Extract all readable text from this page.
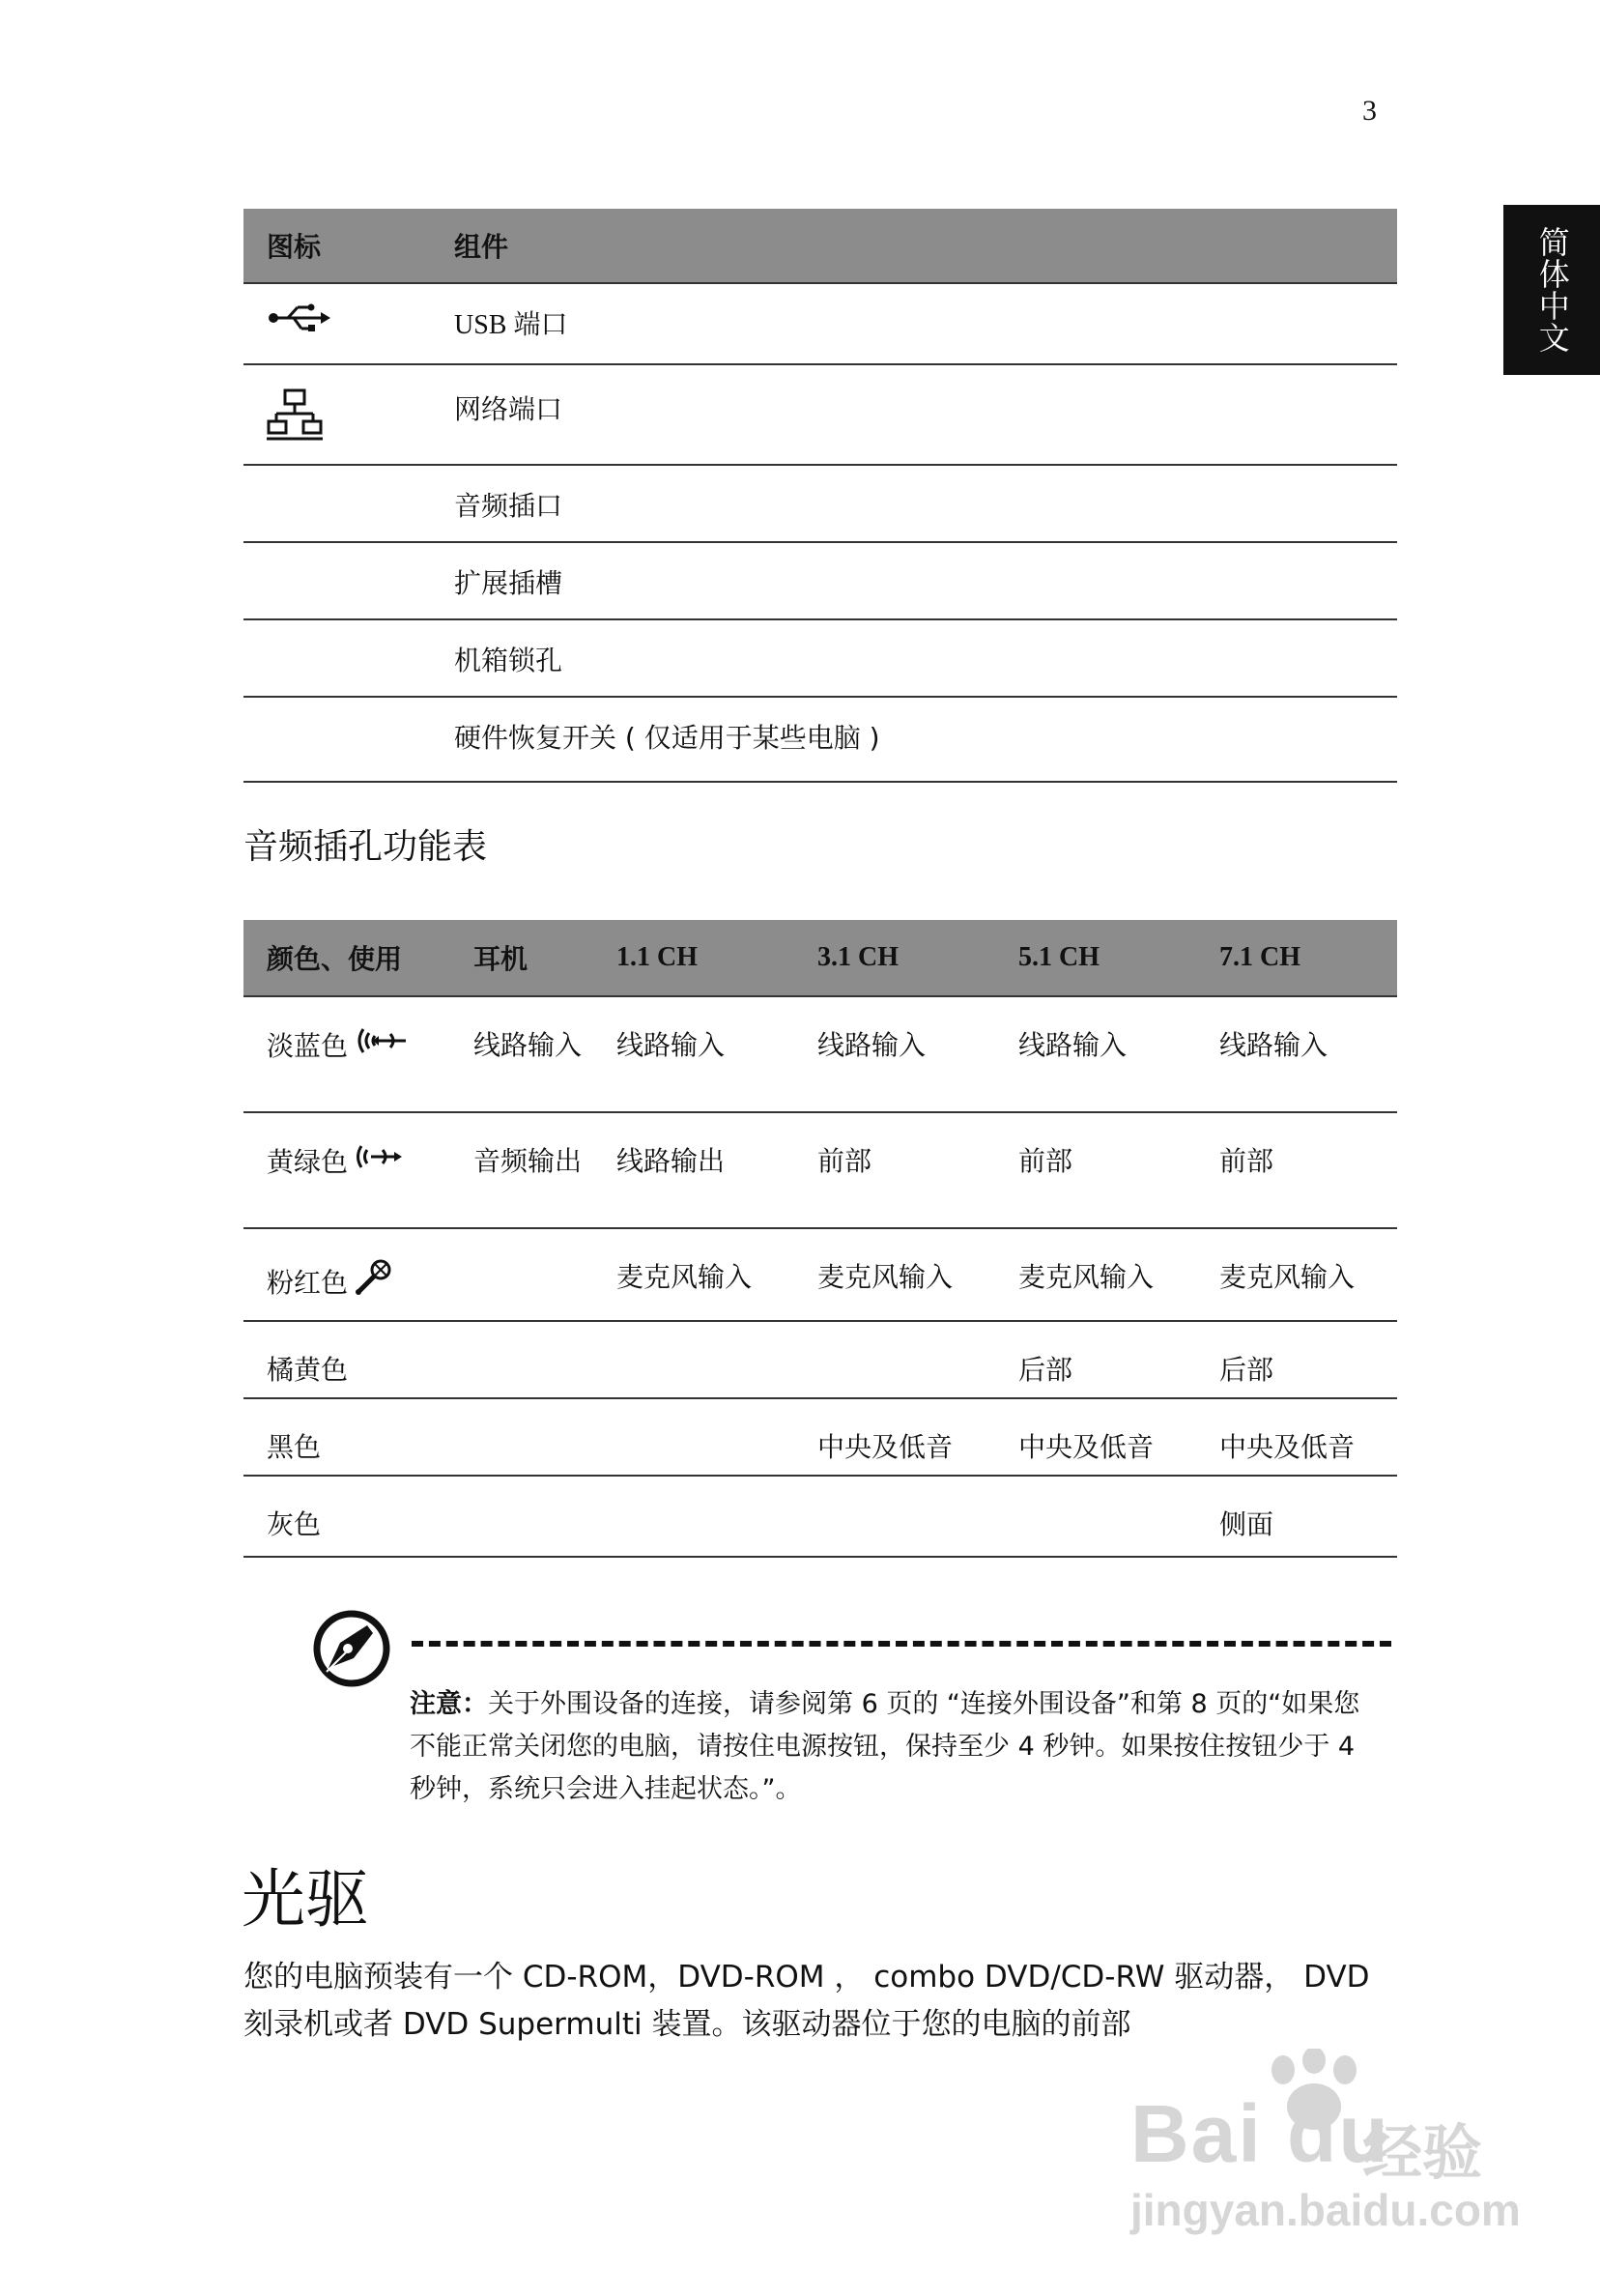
3
简体中文
图标	组件
	USB 端口
	网络端口
	音频插口
	扩展插槽
	机箱锁孔
	硬件恢复开关 ( 仅适用于某些电脑 )
音频插孔功能表
颜色、使用	耳机	1.1 CH	3.1 CH	5.1 CH	7.1 CH

淡蓝色	线路输入	线路输入	线路输入	线路输入	线路输入

黄绿色	音频输出	线路输出	前部	前部	前部

粉红色		麦克风输入	麦克风输入	麦克风输入	麦克风输入
橘黄色				后部	后部
黑色			中央及低音	中央及低音	中央及低音
灰色					侧面
注意：关于外围设备的连接，请参阅第 6 页的 “连接外围设备”和第 8 页的“如果您不能正常关闭您的电脑，请按住电源按钮，保持至少 4 秒钟。如果按住按钮少于 4 秒钟，系统只会进入挂起状态。”。
光驱
您的电脑预装有一个 CD-ROM，DVD-ROM ， combo DVD/CD-RW 驱动器， DVD 刻录机或者 DVD Supermulti 装置。该驱动器位于您的电脑的前部
Bai du
经验
jingyan.baidu.com
